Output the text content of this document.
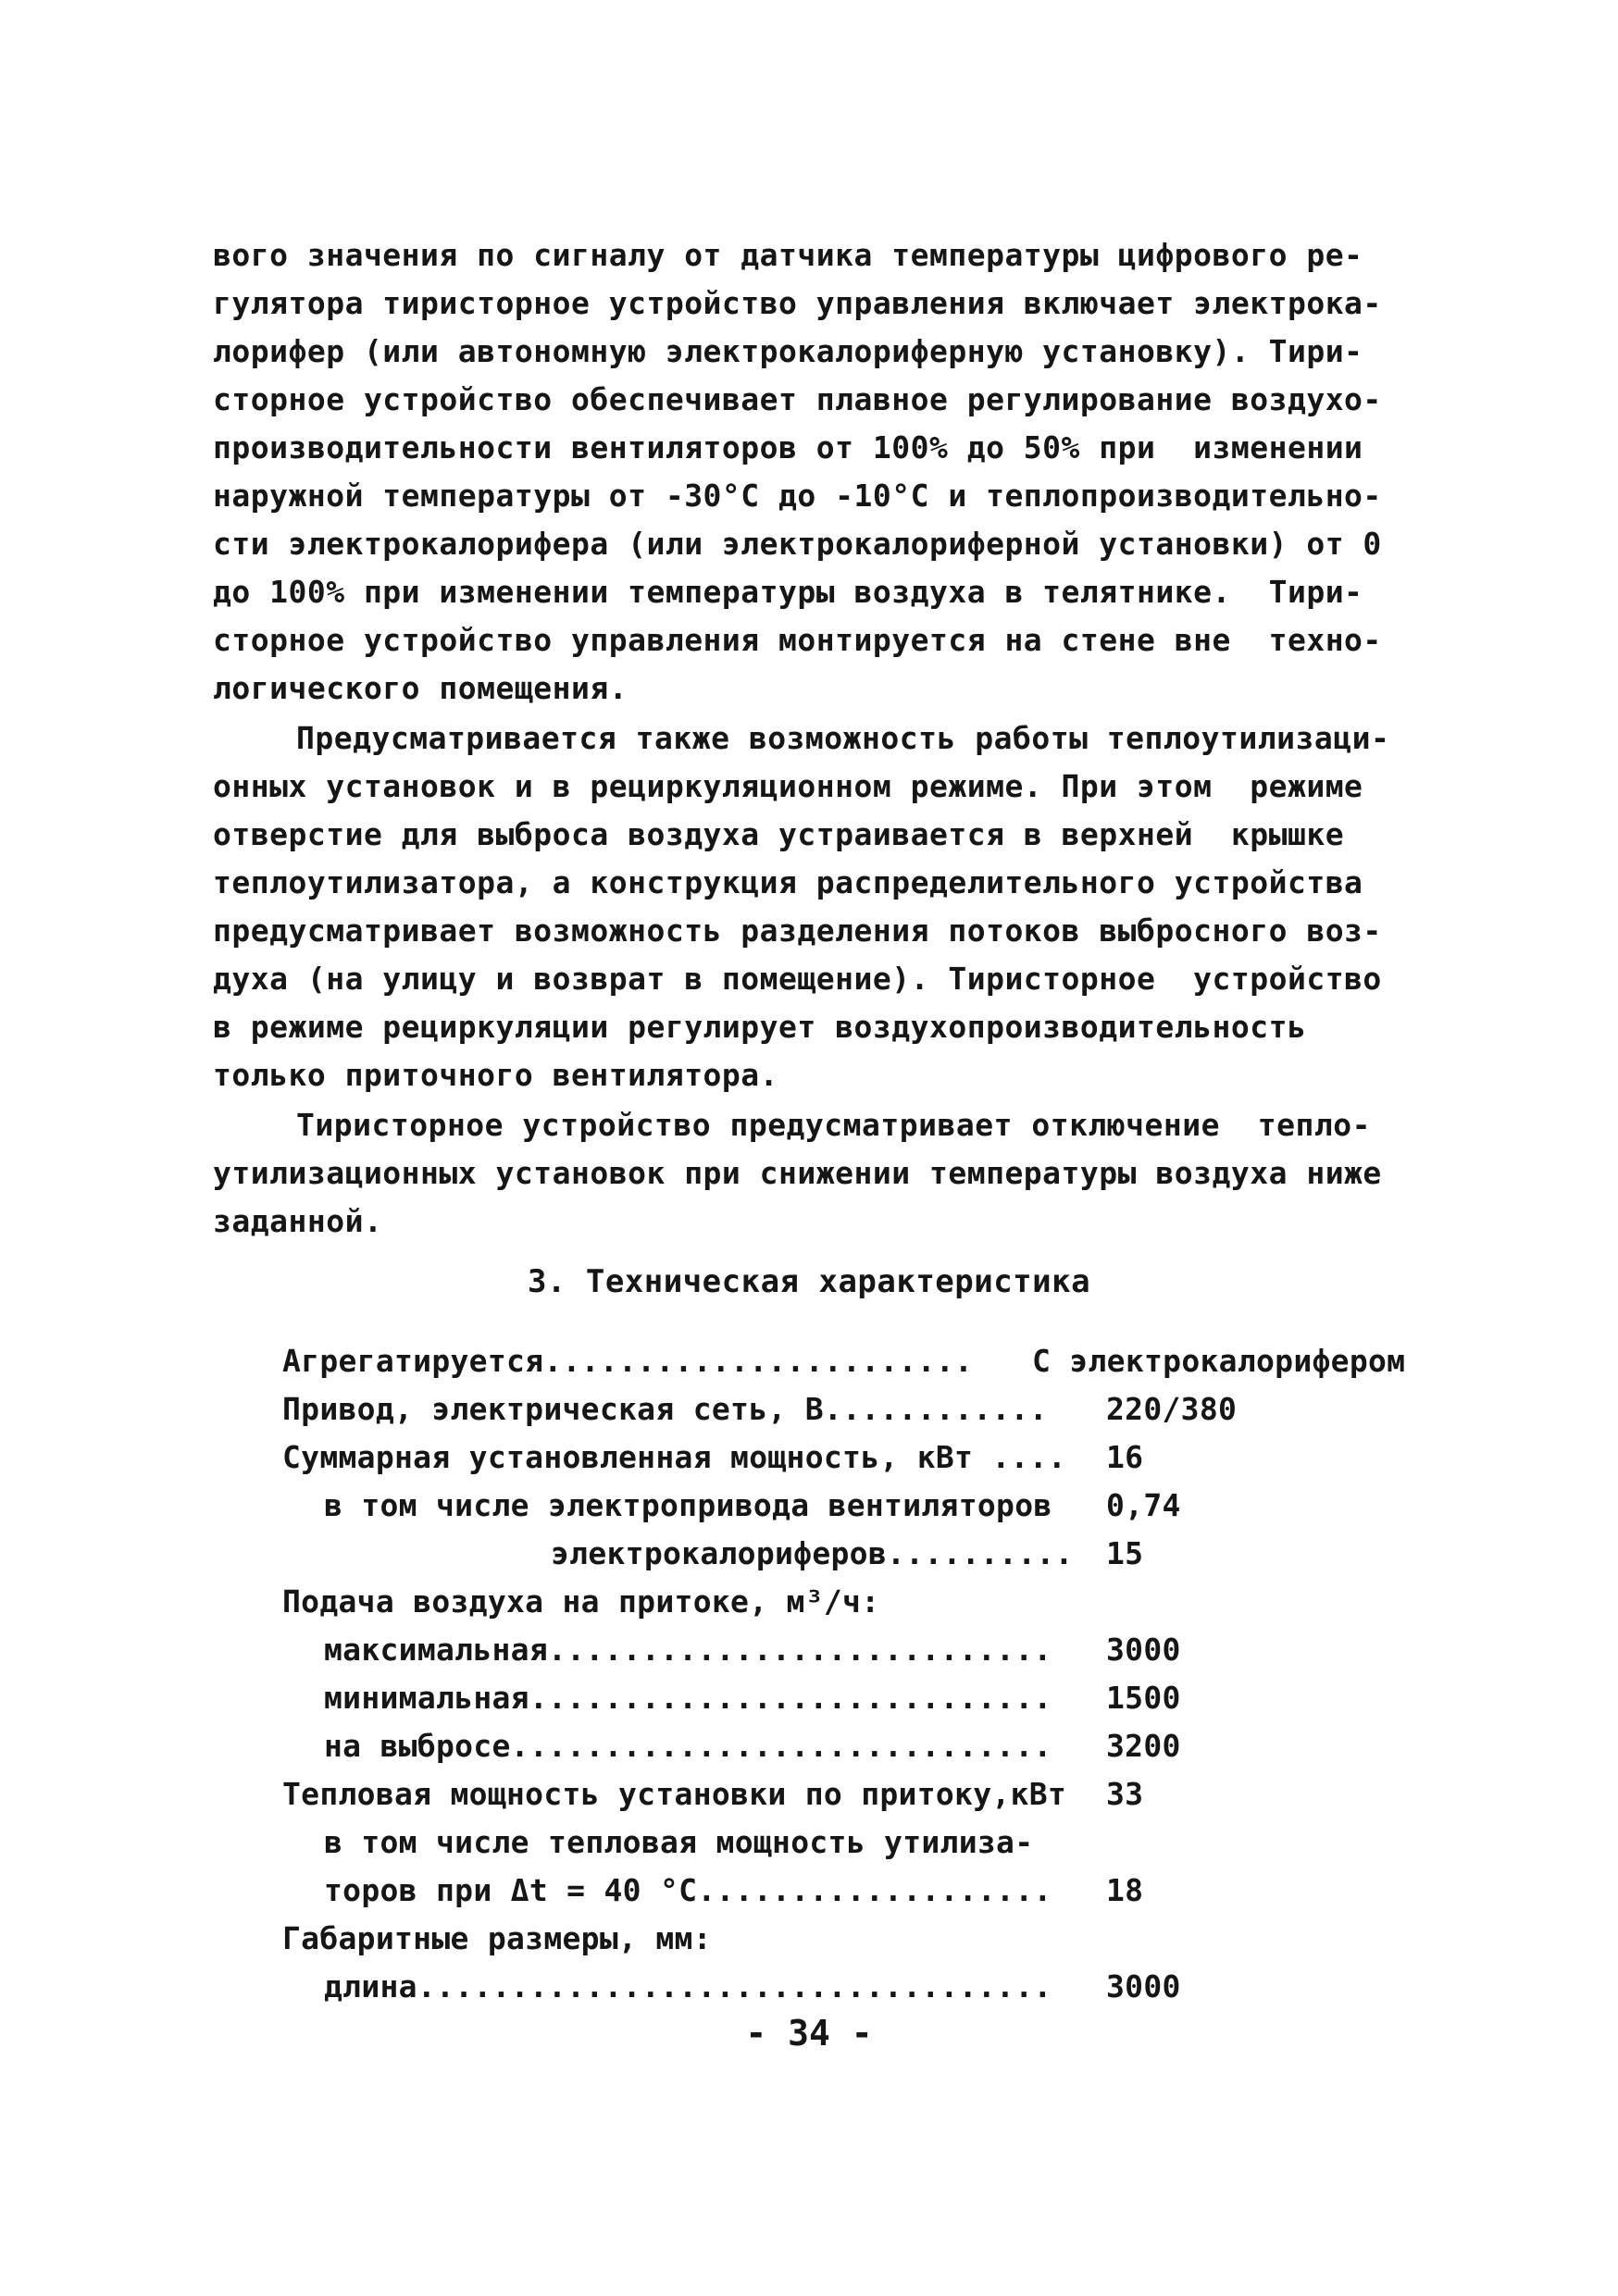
вого значения по сигналу от датчика температуры цифрового ре-
гулятора тиристорное устройство управления включает электрока-
лорифер (или автономную электрокалориферную установку). Тири-
сторное устройство обеспечивает плавное регулирование воздухо-
производительности вентиляторов от 100% до 50% при  изменении
наружной температуры от -30°С до -10°С и теплопроизводительно-
сти электрокалорифера (или электрокалориферной установки) от 0
до 100% при изменении температуры воздуха в телятнике.  Тири-
сторное устройство управления монтируется на стене вне  техно-
логического помещения.
Предусматривается также возможность работы теплоутилизаци-
онных установок и в рециркуляционном режиме. При этом  режиме
отверстие для выброса воздуха устраивается в верхней  крышке
теплоутилизатора, а конструкция распределительного устройства
предусматривает возможность разделения потоков выбросного воз-
духа (на улицу и возврат в помещение). Тиристорное  устройство
в режиме рециркуляции регулирует воздухопроизводительность
только приточного вентилятора.
Тиристорное устройство предусматривает отключение  тепло-
утилизационных установок при снижении температуры воздуха ниже
заданной.
3. Техническая характеристика
Агрегатируется.......................	С электрокалорифером
Привод, электрическая сеть, В............	220/380
Суммарная установленная мощность, кВт ....	16
в том числе электропривода вентиляторов	0,74
электрокалориферов..........	15
Подача воздуха на притоке, м³/ч:
максимальная...........................	3000
минимальная............................	1500
на выбросе.............................	3200
Тепловая мощность установки по притоку,кВт	33
в том числе тепловая мощность утилиза-
торов при Δt = 40 °С...................	18
Габаритные размеры, мм:
длина..................................	3000
- 34 -
